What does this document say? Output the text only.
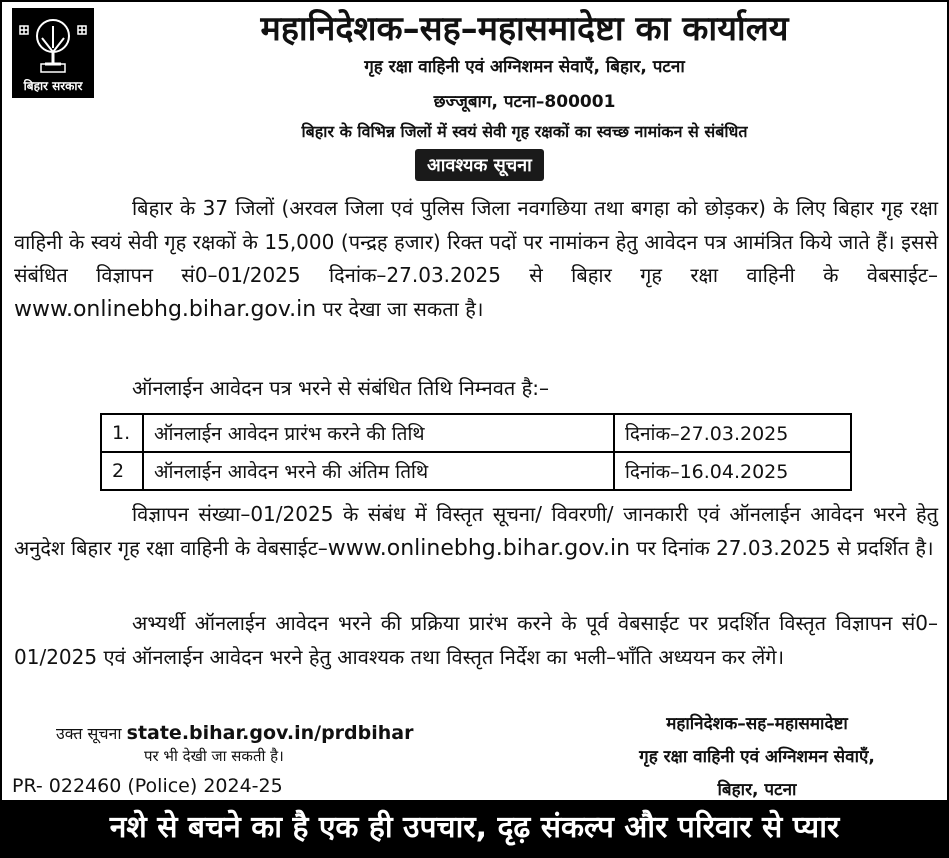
बिहार सरकार
महानिदेशक–सह–महासमादेष्टा का कार्यालय
गृह रक्षा वाहिनी एवं अग्निशमन सेवाएँ, बिहार, पटना
छज्जूबाग, पटना–800001
बिहार के विभिन्न जिलों में स्वयं सेवी गृह रक्षकों का स्वच्छ नामांकन से संबंधित
आवश्यक सूचना
बिहार के 37 जिलों (अरवल जिला एवं पुलिस जिला नवगछिया तथा बगहा को छोड़कर) के लिए बिहार गृह रक्षा वाहिनी के स्वयं सेवी गृह रक्षकों के 15,000 (पन्द्रह हजार) रिक्त पदों पर नामांकन हेतु आवेदन पत्र आमंत्रित किये जाते हैं। इससे संबंधित विज्ञापन सं0–01/2025 दिनांक–27.03.2025 से बिहार गृह रक्षा वाहिनी के वेबसाईट–www.onlinebhg.bihar.gov.in पर देखा जा सकता है।
ऑनलाईन आवेदन पत्र भरने से संबंधित तिथि निम्नवत है:–
1.	ऑनलाईन आवेदन प्रारंभ करने की तिथि	दिनांक–27.03.2025
2	ऑनलाईन आवेदन भरने की अंतिम तिथि	दिनांक–16.04.2025
विज्ञापन संख्या–01/2025 के संबंध में विस्तृत सूचना/ विवरणी/ जानकारी एवं ऑनलाईन आवेदन भरने हेतु अनुदेश बिहार गृह रक्षा वाहिनी के वेबसाईट–www.onlinebhg.bihar.gov.in पर दिनांक 27.03.2025 से प्रदर्शित है।
अभ्यर्थी ऑनलाईन आवेदन भरने की प्रक्रिया प्रारंभ करने के पूर्व वेबसाईट पर प्रदर्शित विस्तृत विज्ञापन सं0–01/2025 एवं ऑनलाईन आवेदन भरने हेतु आवश्यक तथा विस्तृत निर्देश का भली–भाँति अध्ययन कर लेंगे।
उक्त सूचना state.bihar.gov.in/prdbihar
पर भी देखी जा सकती है।
PR- 022460 (Police) 2024-25
महानिदेशक–सह–महासमादेष्टा
गृह रक्षा वाहिनी एवं अग्निशमन सेवाएँ,
बिहार, पटना
नशे से बचने का है एक ही उपचार, दृढ़ संकल्प और परिवार से प्यार
